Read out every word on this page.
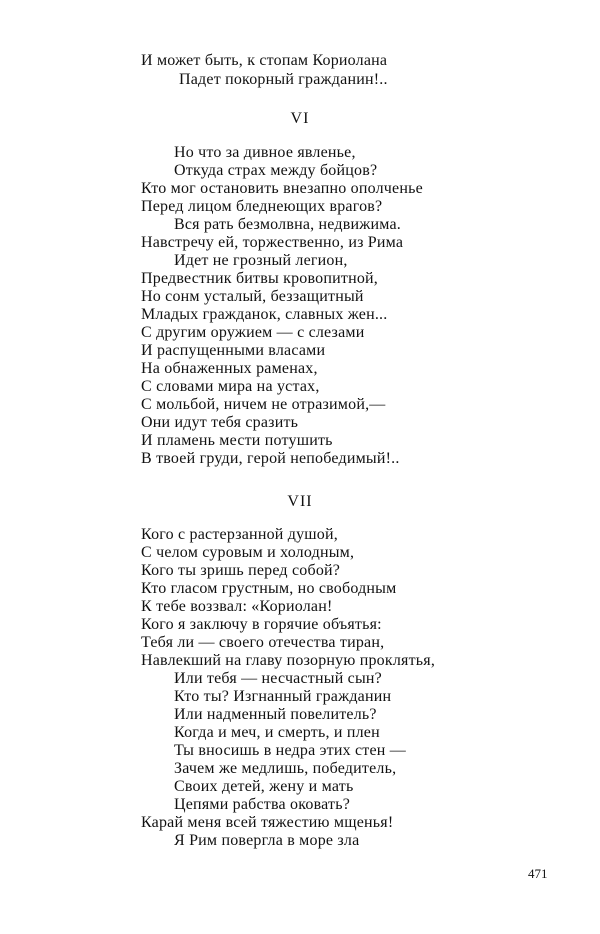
И может быть, к стопам Кориолана
Падет покорный гражданин!..
VI
Но что за дивное явленье,
Откуда страх между бойцов?
Кто мог остановить внезапно ополченье
Перед лицом бледнеющих врагов?
Вся рать безмолвна, недвижима.
Навстречу ей, торжественно, из Рима
Идет не грозный легион,
Предвестник битвы кровопитной,
Но сонм усталый, беззащитный
Младых гражданок, славных жен...
С другим оружием — с слезами
И распущенными власами
На обнаженных раменах,
С словами мира на устах,
С мольбой, ничем не отразимой,—
Они идут тебя сразить
И пламень мести потушить
В твоей груди, герой непобедимый!..
VII
Кого с растерзанной душой,
С челом суровым и холодным,
Кого ты зришь перед собой?
Кто гласом грустным, но свободным
К тебе воззвал: «Кориолан!
Кого я заключу в горячие объятья:
Тебя ли — своего отечества тиран,
Навлекший на главу позорную проклятья,
Или тебя — несчастный сын?
Кто ты? Изгнанный гражданин
Или надменный повелитель?
Когда и меч, и смерть, и плен
Ты вносишь в недра этих стен —
Зачем же медлишь, победитель,
Своих детей, жену и мать
Цепями рабства оковать?
Карай меня всей тяжестию мщенья!
Я Рим повергла в море зла
471
